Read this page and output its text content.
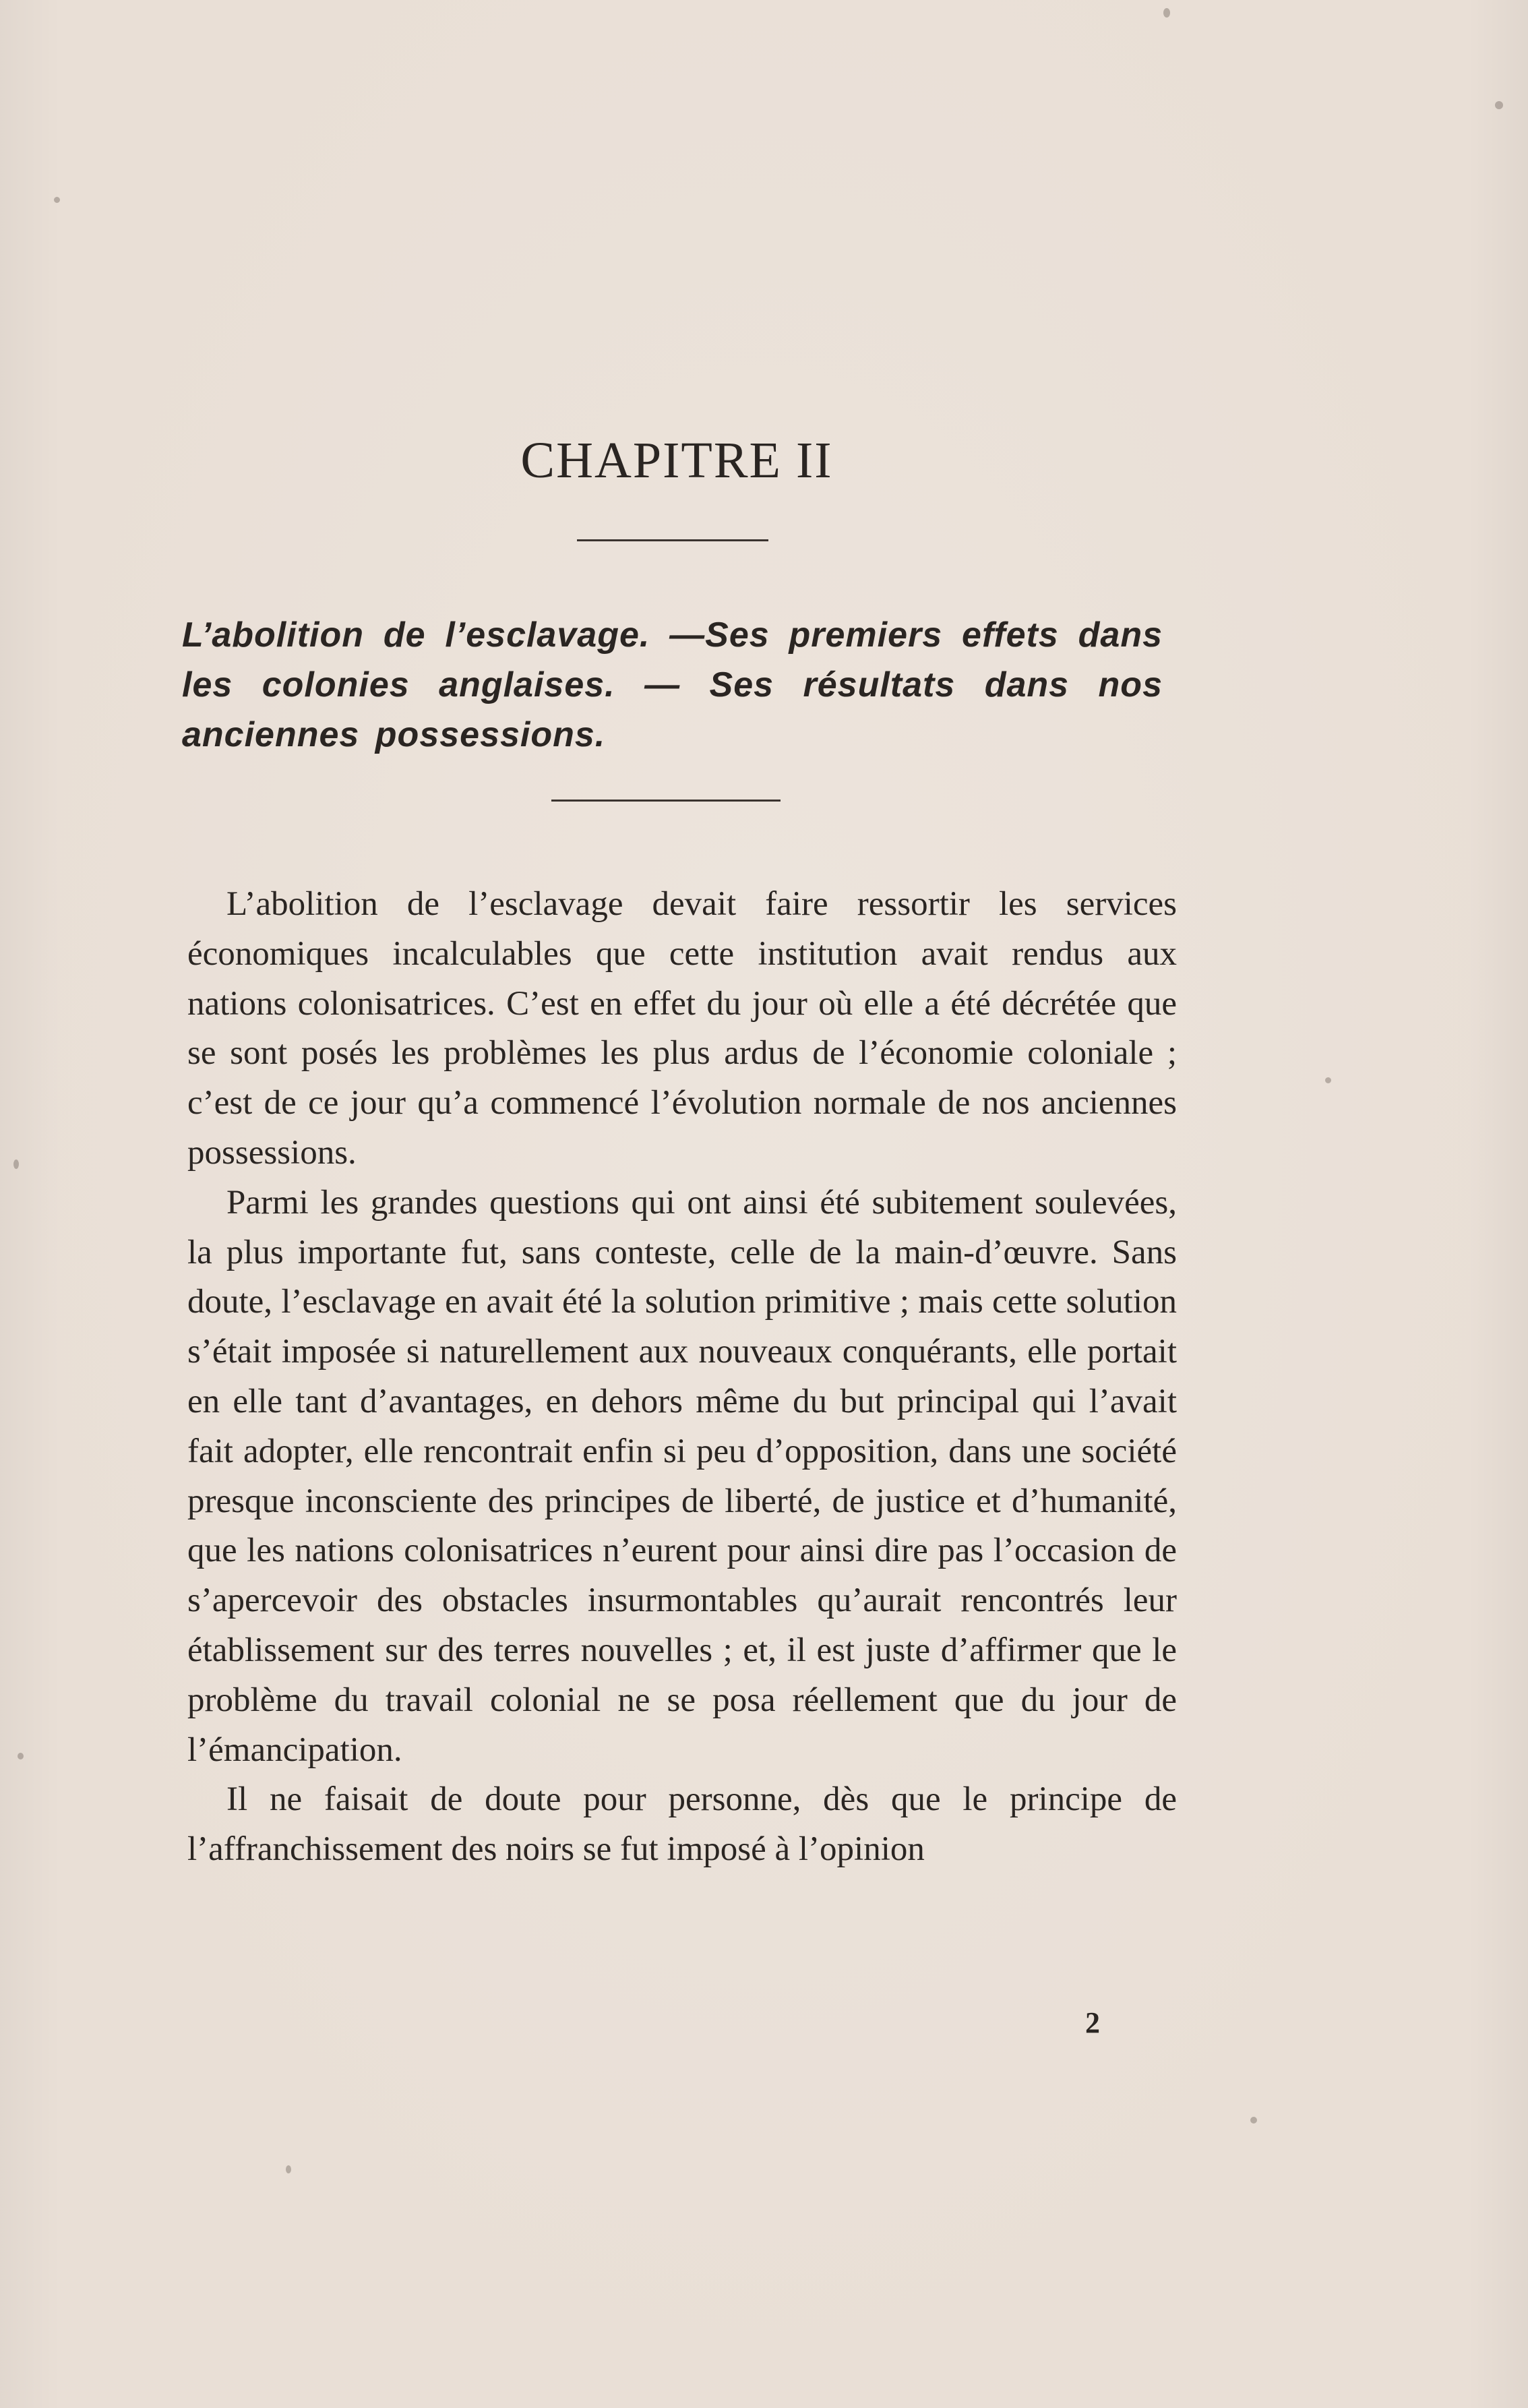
CHAPITRE II

L’abolition de l’esclavage. —Ses premiers effets dans les colonies anglaises. — Ses résultats dans nos anciennes possessions.

L’abolition de l’esclavage devait faire ressortir les services économiques incalculables que cette institution avait rendus aux nations colonisatrices. C’est en effet du jour où elle a été décrétée que se sont posés les problèmes les plus ardus de l’économie coloniale ; c’est de ce jour qu’a commencé l’évolution normale de nos anciennes possessions.

Parmi les grandes questions qui ont ainsi été subitement soulevées, la plus importante fut, sans conteste, celle de la main-d’œuvre. Sans doute, l’esclavage en avait été la solution primitive ; mais cette solution s’était imposée si naturellement aux nouveaux conquérants, elle portait en elle tant d’avantages, en dehors même du but principal qui l’avait fait adopter, elle rencontrait enfin si peu d’opposition, dans une société presque inconsciente des principes de liberté, de justice et d’humanité, que les nations colonisatrices n’eurent pour ainsi dire pas l’occasion de s’apercevoir des obstacles insurmontables qu’aurait rencontrés leur établissement sur des terres nouvelles ; et, il est juste d’affirmer que le problème du travail colonial ne se posa réellement que du jour de l’émancipation.

Il ne faisait de doute pour personne, dès que le principe de l’affranchissement des noirs se fut imposé à l’opinion

2
